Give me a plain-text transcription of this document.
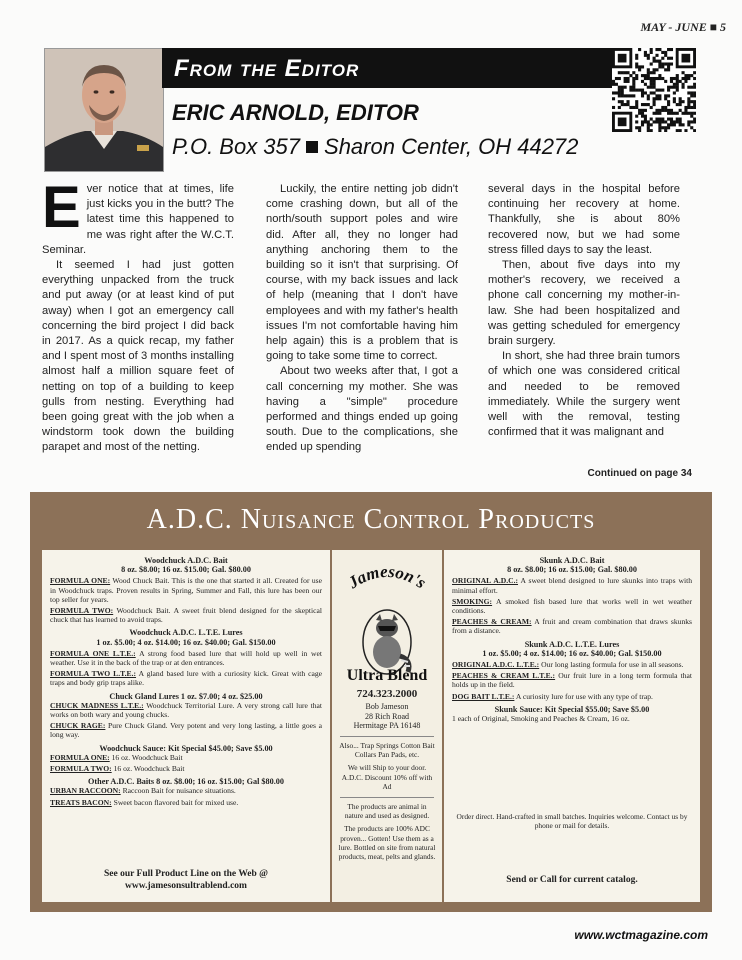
MAY - JUNE ■ 5
From the Editor
ERIC ARNOLD, EDITOR
P.O. Box 357 Sharon Center, OH 44272

Ever notice that at times, life just kicks you in the butt? The latest time this happened to me was right after the W.C.T. Seminar.

It seemed I had just gotten everything unpacked from the truck and put away (or at least kind of put away) when I got an emergency call concerning the bird project I did back in 2017. As a quick recap, my father and I spent most of 3 months installing almost half a million square feet of netting on top of a building to keep gulls from nesting. Everything had been going great with the job when a windstorm took down the building parapet and most of the netting.

Luckily, the entire netting job didn't come crashing down, but all of the north/south support poles and wire did. After all, they no longer had anything anchoring them to the building so it isn't that surprising. Of course, with my back issues and lack of help (meaning that I don't have employees and with my father's health issues I'm not comfortable having him help again) this is a problem that is going to take some time to correct.

About two weeks after that, I got a call concerning my mother. She was having a "simple" procedure performed and things ended up going south. Due to the complications, she ended up spending

several days in the hospital before continuing her recovery at home. Thankfully, she is about 80% recovered now, but we had some stress filled days to say the least.

Then, about five days into my mother's recovery, we received a phone call concerning my mother-in-law. She had been hospitalized and was getting scheduled for emergency brain surgery.

In short, she had three brain tumors of which one was considered critical and needed to be removed immediately. While the surgery went well with the removal, testing confirmed that it was malignant and

Continued on page 34
A.D.C. Nuisance Control Products
Woodchuck A.D.C. Bait
8 oz. $8.00; 16 oz. $15.00; Gal. $80.00
FORMULA ONE: Wood Chuck Bait. This is the one that started it all. Created for use in Woodchuck traps. Proven results in Spring, Summer and Fall, this lure has been our top seller for years.
FORMULA TWO: Woodchuck Bait. A sweet fruit blend designed for the skeptical chuck that has learned to avoid traps.
Woodchuck A.D.C. L.T.E. Lures
1 oz. $5.00; 4 oz. $14.00; 16 oz. $40.00; Gal. $150.00
FORMULA ONE L.T.E.: A strong food based lure that will hold up well in wet weather. Use it in the back of the trap or at den entrances.
FORMULA TWO L.T.E.: A gland based lure with a curiosity kick. Great with cage traps and body grip traps alike.
Chuck Gland Lures 1 oz. $7.00; 4 oz. $25.00
CHUCK MADNESS L.T.E.: Woodchuck Territorial Lure. A very strong call lure that works on both wary and young chucks.
CHUCK RAGE: Pure Chuck Gland. Very potent and very long lasting, a little goes a long way.
Woodchuck Sauce: Kit Special $45.00; Save $5.00
FORMULA ONE: 16 oz. Woodchuck Bait
FORMULA TWO: 16 oz. Woodchuck Bait
Other A.D.C. Baits 8 oz. $8.00; 16 oz. $15.00; Gal $80.00
URBAN RACCOON: Raccoon Bait for nuisance situations.
TREATS BACON: Sweet bacon flavored bait for mixed use.
See our Full Product Line on the Web @
www.jamesonsultrablend.com
Jameson's
Ultra Blend
724.323.2000
Bob Jameson
28 Rich Road
Hermitage PA 16148
Also... Trap Springs Cotton Bait Collars Pan Pads, etc.
We will Ship to your door. A.D.C. Discount 10% off with Ad
The products are animal in nature and used as designed.
The products are 100% ADC proven... Gotten! Use them as a lure. Bottled on site from natural products, meat, pelts and glands.
Skunk A.D.C. Bait
8 oz. $8.00; 16 oz. $15.00; Gal. $80.00
ORIGINAL A.D.C.: A sweet blend designed to lure skunks into traps with minimal effort.
SMOKING: A smoked fish based lure that works well in wet weather conditions.
PEACHES & CREAM: A fruit and cream combination that draws skunks from a distance.
Skunk A.D.C. L.T.E. Lures
1 oz. $5.00; 4 oz. $14.00; 16 oz. $40.00; Gal. $150.00
ORIGINAL A.D.C. L.T.E.: Our long lasting formula for use in all seasons.
PEACHES & CREAM L.T.E.: Our fruit lure in a long term formula that holds up in the field.
DOG BAIT L.T.E.: A curiosity lure for use with any type of trap.
Skunk Sauce: Kit Special $55.00; Save $5.00
1 each of Original, Smoking and Peaches & Cream, 16 oz.
Order direct. Hand-crafted in small batches. Inquiries welcome. Contact us by phone or mail for details.
Send or Call for current catalog.
www.wctmagazine.com
